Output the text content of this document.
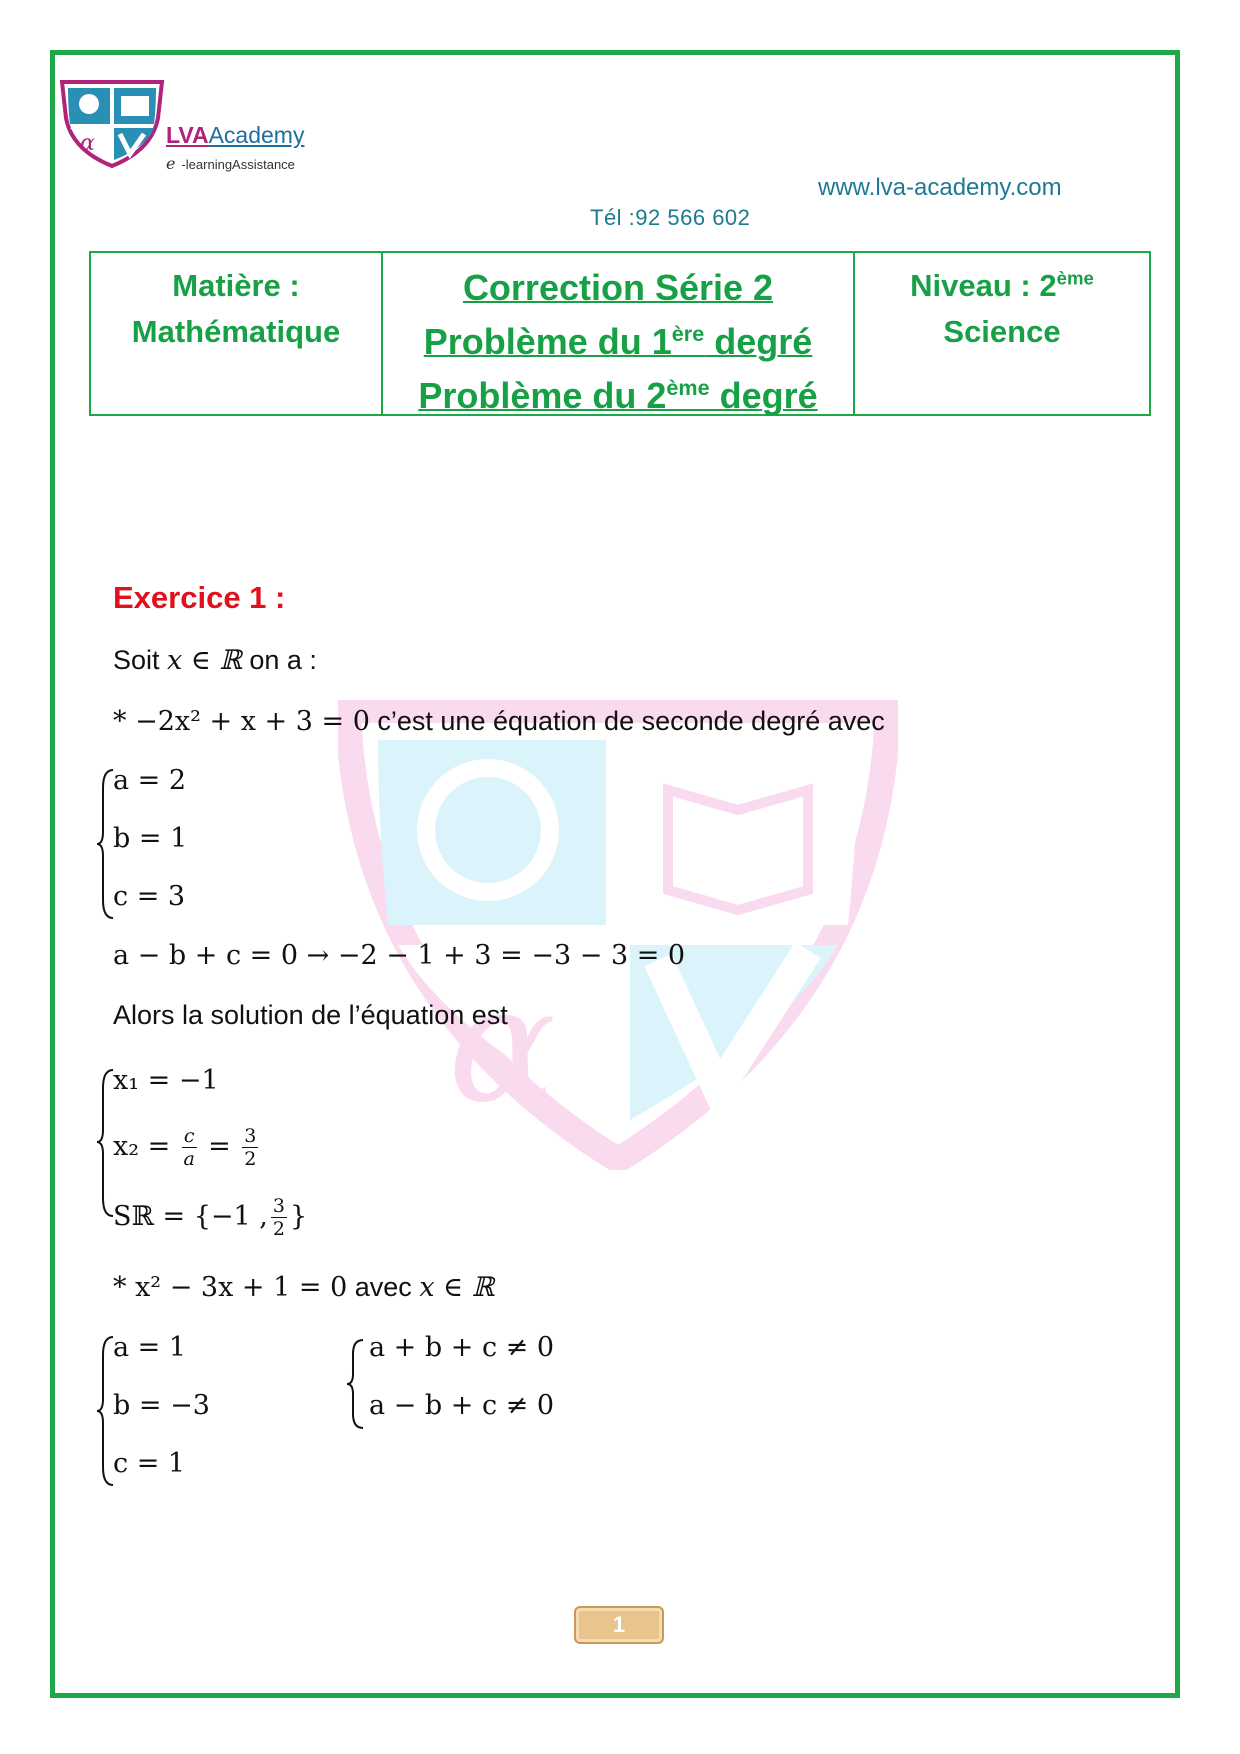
α	LVAAcademy
e -learningAssistance
www.lva-academy.com
Tél :92 566 602
Matière :
Mathématique
Correction Série 2
Problème du 1ère degré
Problème du 2ème degré
Niveau : 2ème
Science
α
Exercice 1 :
Soit x ∈ ℝ on a :
* −2x² + x + 3 = 0 c’est une équation de seconde degré avec
a = 2
b = 1
c = 3
a − b + c = 0 → −2 − 1 + 3 = −3 − 3 = 0
Alors la solution de l’équation est
x₁ = −1
$x_2 = \frac{c}{a} = \frac{3}{2}$
Sℝ = {−1 , $\frac{3}{2}$ }
* x² − 3x + 1 = 0 avec x ∈ ℝ
a = 1
b = −3
c = 1
a + b + c ≠ 0
a − b + c ≠ 0
1
